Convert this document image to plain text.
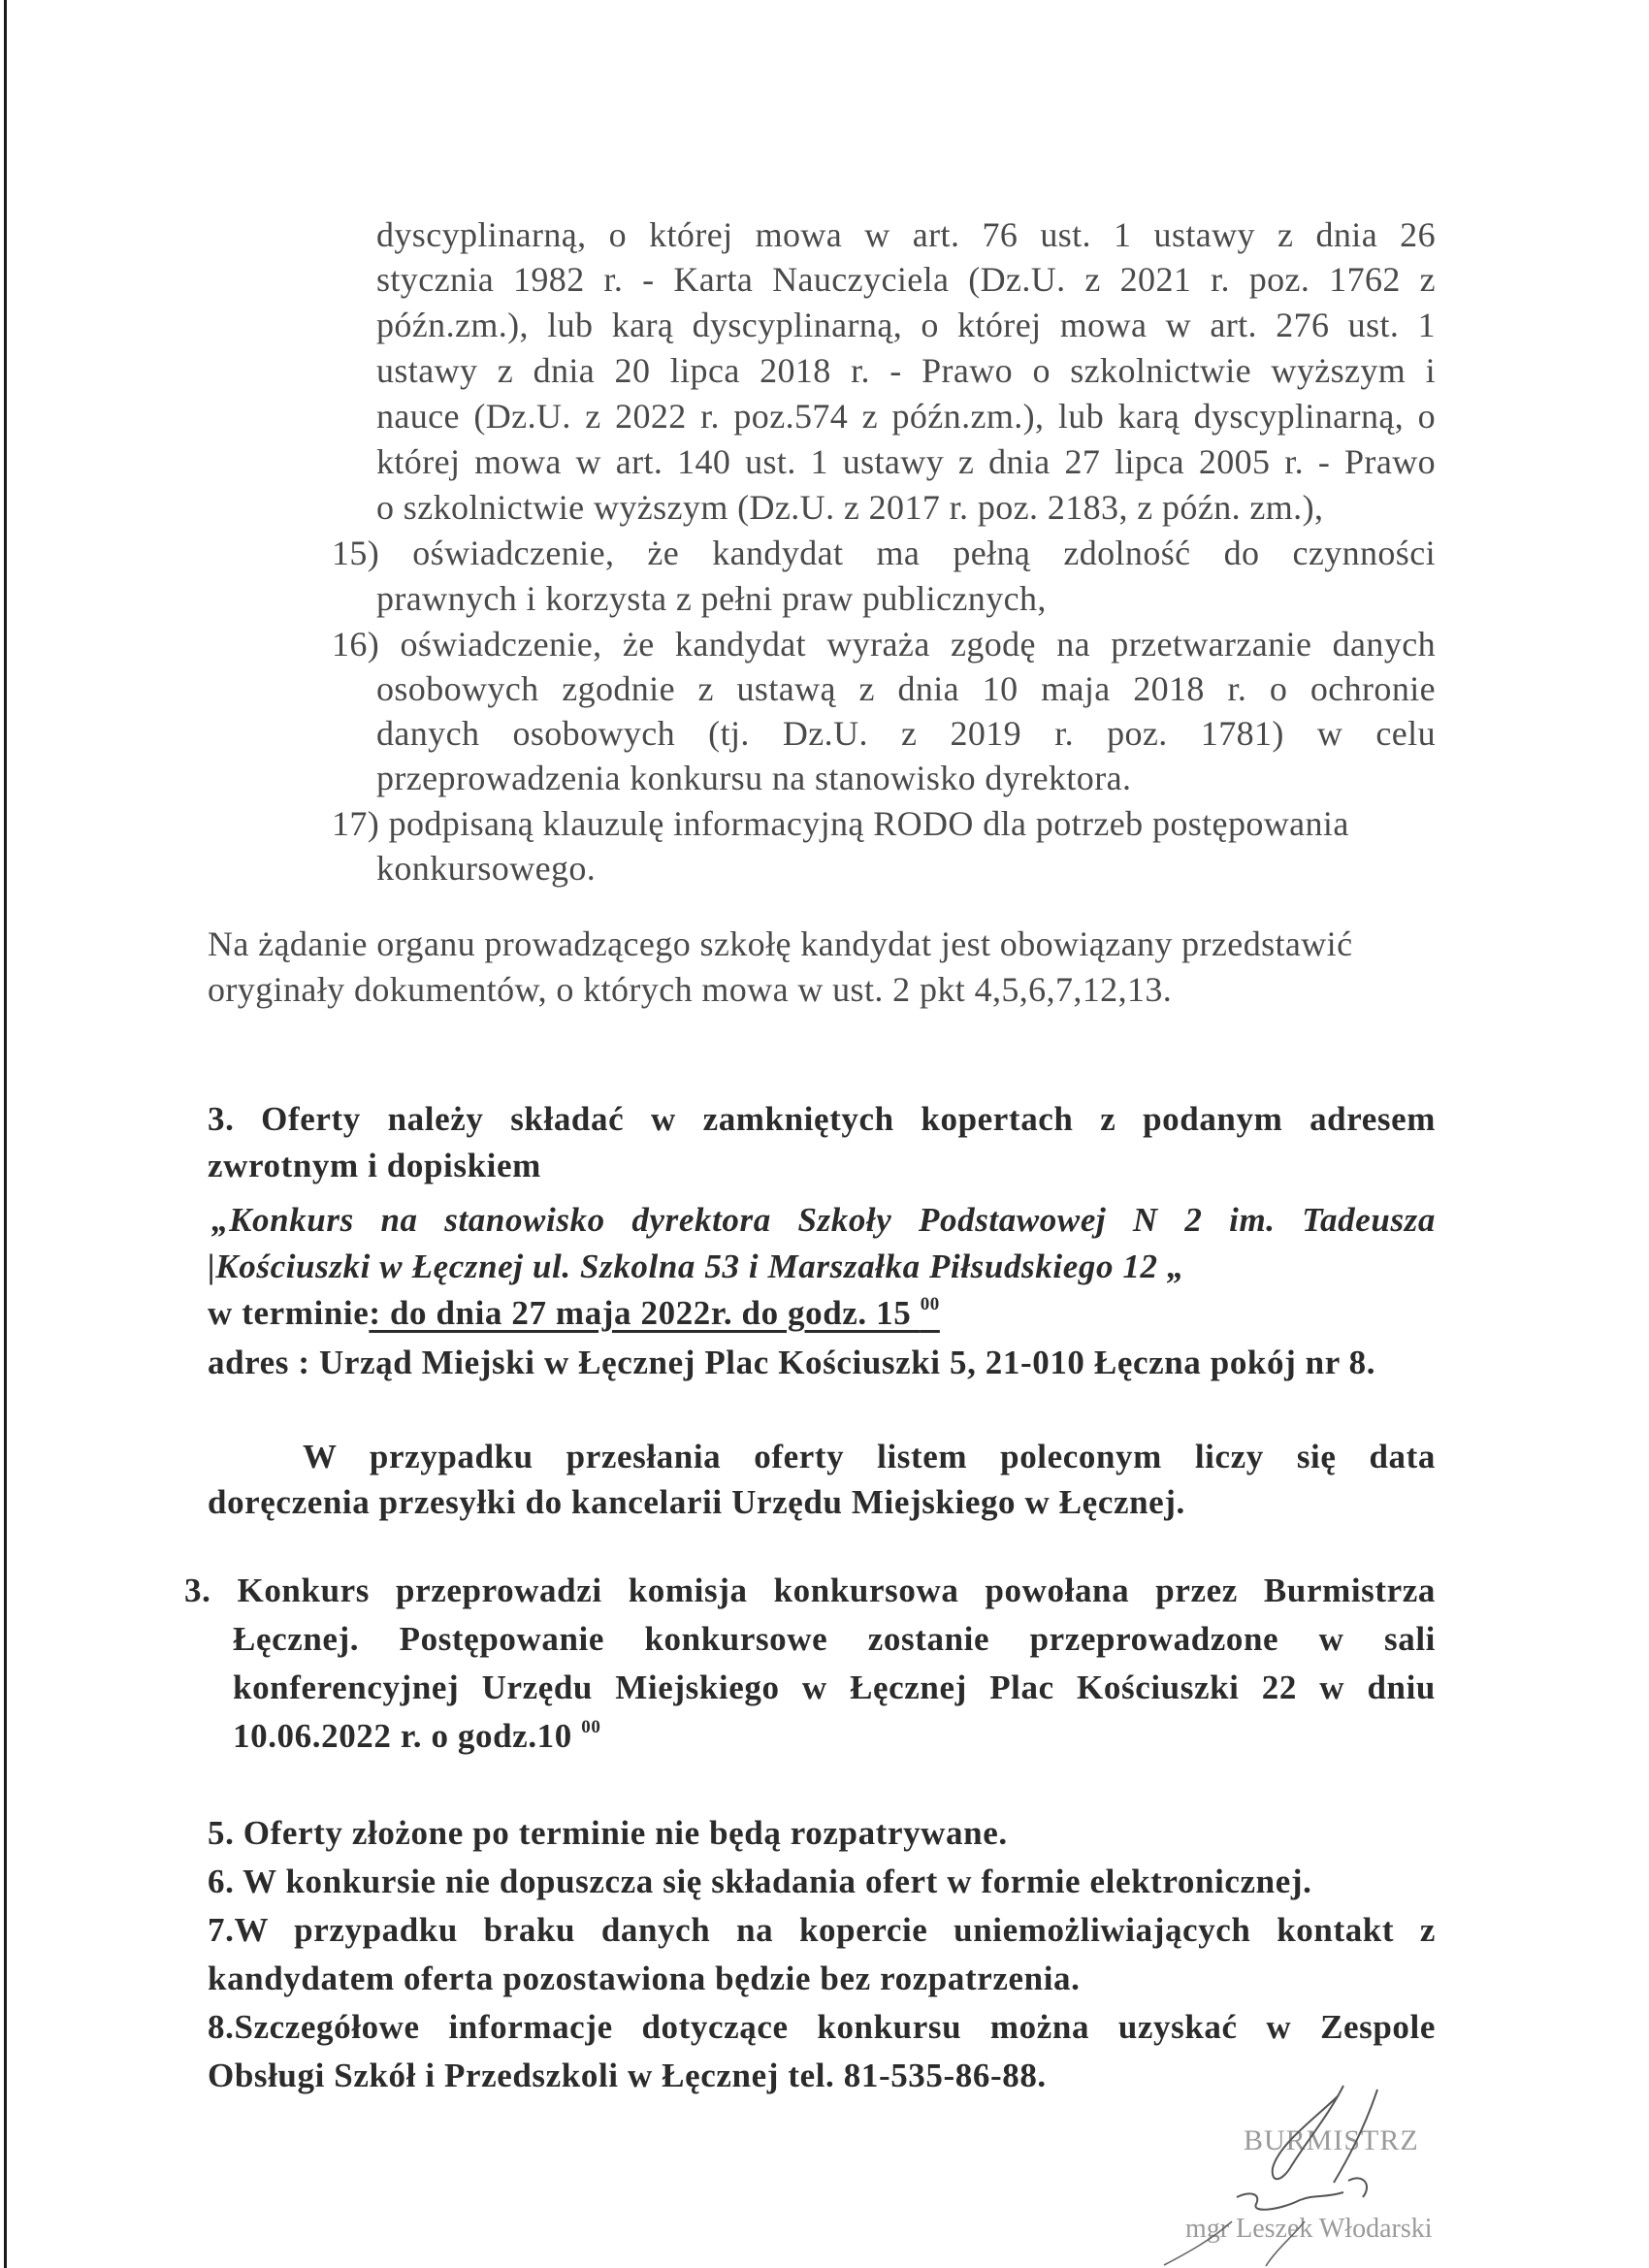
dyscyplinarną, o której mowa w art. 76 ust. 1 ustawy z dnia 26
stycznia 1982 r. - Karta Nauczyciela (Dz.U. z 2021 r. poz. 1762 z
późn.zm.), lub karą dyscyplinarną, o której mowa w art. 276 ust. 1
ustawy z dnia 20 lipca 2018 r. - Prawo o szkolnictwie wyższym i
nauce (Dz.U. z 2022 r. poz.574 z późn.zm.), lub karą dyscyplinarną, o
której mowa w art. 140 ust. 1 ustawy z dnia 27 lipca 2005 r. - Prawo
o szkolnictwie wyższym (Dz.U. z 2017 r. poz. 2183, z późn. zm.),
15) oświadczenie, że kandydat ma pełną zdolność do czynności
prawnych i korzysta z pełni praw publicznych,
16) oświadczenie, że kandydat wyraża zgodę na przetwarzanie danych
osobowych zgodnie z ustawą z dnia 10 maja 2018 r. o ochronie
danych osobowych (tj. Dz.U. z 2019 r. poz. 1781) w celu
przeprowadzenia konkursu na stanowisko dyrektora.
17) podpisaną klauzulę informacyjną RODO dla potrzeb postępowania
konkursowego.
Na żądanie organu prowadzącego szkołę kandydat jest obowiązany przedstawić
oryginały dokumentów, o których mowa w ust. 2 pkt 4,5,6,7,12,13.
3. Oferty należy składać w zamkniętych kopertach z podanym adresem
zwrotnym i dopiskiem
„Konkurs na stanowisko dyrektora Szkoły Podstawowej N 2 im. Tadeusza
|Kościuszki w Łęcznej ul. Szkolna 53 i Marszałka Piłsudskiego 12 „
w terminie: do dnia 27 maja 2022r. do godz. 15 $^{00}$
adres : Urząd Miejski w Łęcznej Plac Kościuszki 5, 21-010 Łęczna pokój nr 8.
W przypadku przesłania oferty listem poleconym liczy się data
doręczenia przesyłki do kancelarii Urzędu Miejskiego w Łęcznej.
3. Konkurs przeprowadzi komisja konkursowa powołana przez Burmistrza
Łęcznej. Postępowanie konkursowe zostanie przeprowadzone w sali
konferencyjnej Urzędu Miejskiego w Łęcznej Plac Kościuszki 22 w dniu
10.06.2022 r. o godz.10 $^{00}$
5. Oferty złożone po terminie nie będą rozpatrywane.
6. W konkursie nie dopuszcza się składania ofert w formie elektronicznej.
7.W przypadku braku danych na kopercie uniemożliwiających kontakt z
kandydatem oferta pozostawiona będzie bez rozpatrzenia.
8.Szczegółowe informacje dotyczące konkursu można uzyskać w Zespole
Obsługi Szkół i Przedszkoli w Łęcznej tel. 81-535-86-88.
BURMISTRZ
mgr Leszek Włodarski
